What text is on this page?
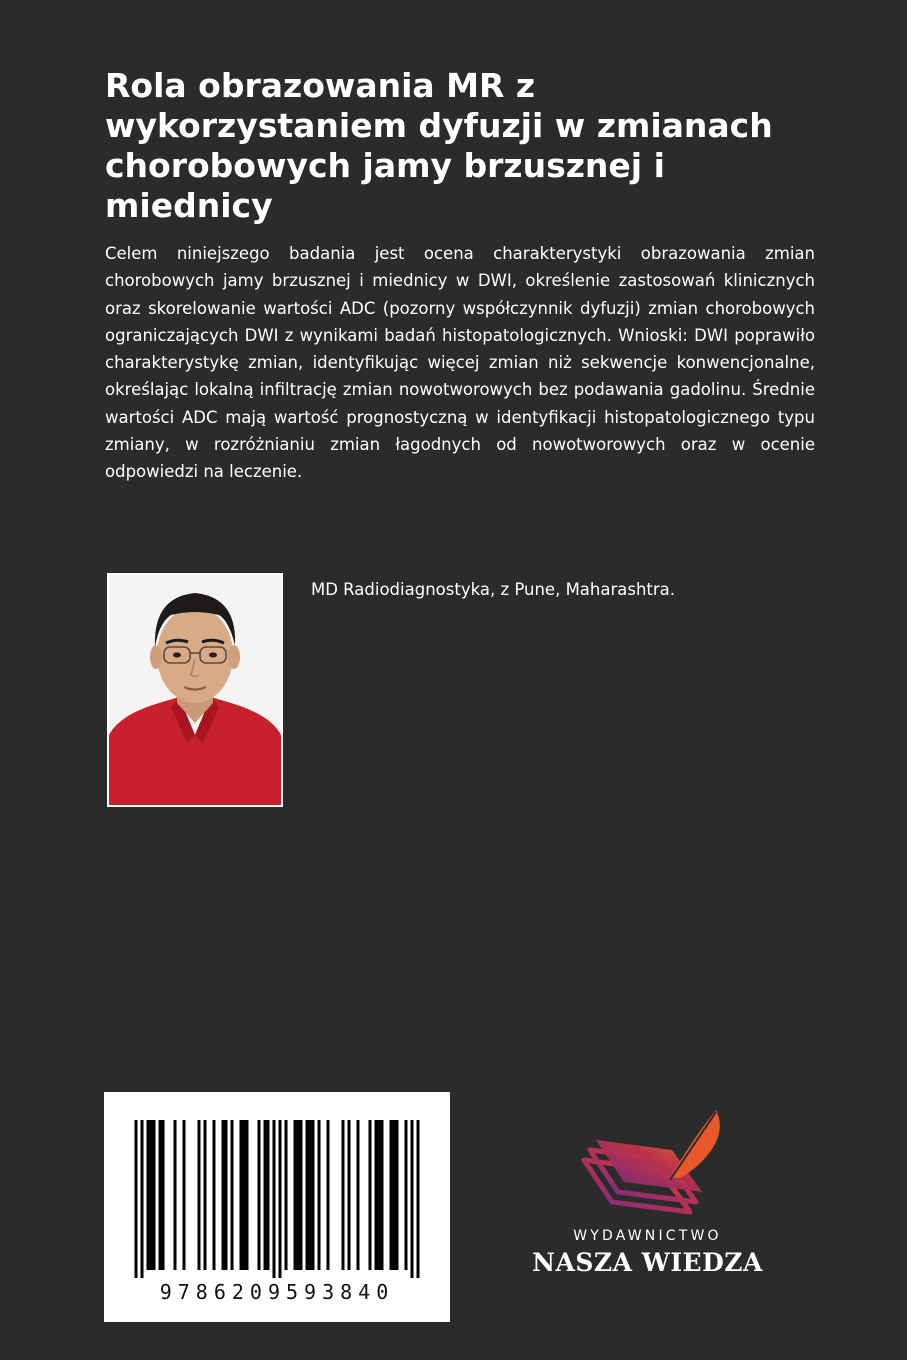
Rola obrazowania MR z wykorzystaniem dyfuzji w zmianach chorobowych jamy brzusznej i miednicy

Celem niniejszego badania jest ocena charakterystyki obrazowania zmian chorobowych jamy brzusznej i miednicy w DWI, określenie zastosowań klinicznych oraz skorelowanie wartości ADC (pozorny współczynnik dyfuzji) zmian chorobowych ograniczających DWI z wynikami badań histopatologicznych. Wnioski: DWI poprawiło charakterystykę zmian, identyfikując więcej zmian niż sekwencje konwencjonalne, określając lokalną infiltrację zmian nowotworowych bez podawania gadolinu. Średnie wartości ADC mają wartość prognostyczną w identyfikacji histopatologicznego typu zmiany, w rozróżnianiu zmian łagodnych od nowotworowych oraz w ocenie odpowiedzi na leczenie.

MD Radiodiagnostyka, z Pune, Maharashtra.

9786209593840
WYDAWNICTWO
NASZA WIEDZA
